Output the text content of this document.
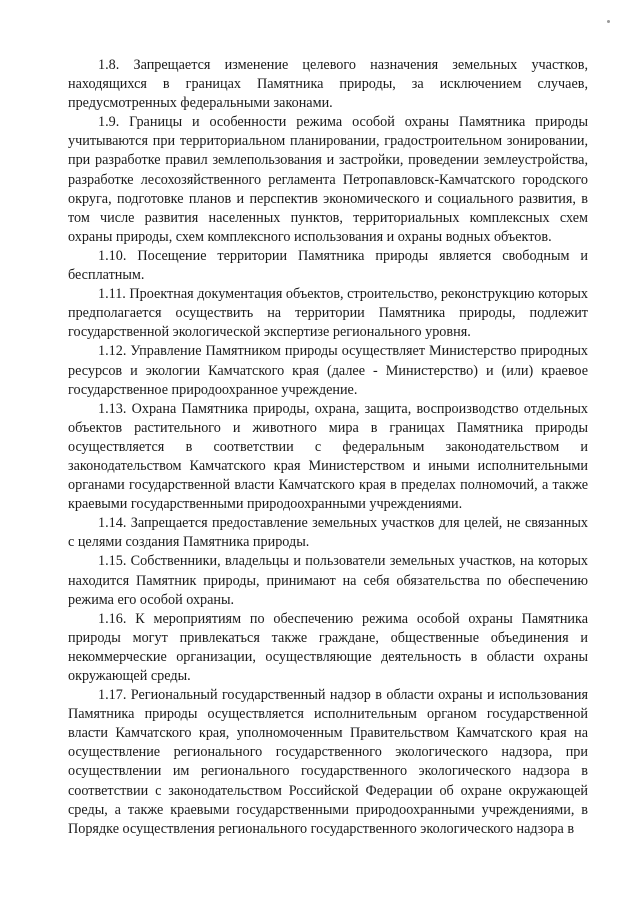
1.8. Запрещается изменение целевого назначения земельных участков, находящихся в границах Памятника природы, за исключением случаев, предусмотренных федеральными законами.

1.9. Границы и особенности режима особой охраны Памятника природы учитываются при территориальном планировании, градостроительном зонировании, при разработке правил землепользования и застройки, проведении землеустройства, разработке лесохозяйственного регламента Петропавловск-Камчатского городского округа, подготовке планов и перспектив экономического и социального развития, в том числе развития населенных пунктов, территориальных комплексных схем охраны природы, схем комплексного использования и охраны водных объектов.

1.10. Посещение территории Памятника природы является свободным и бесплатным.

1.11. Проектная документация объектов, строительство, реконструкцию которых предполагается осуществить на территории Памятника природы, подлежит государственной экологической экспертизе регионального уровня.

1.12. Управление Памятником природы осуществляет Министерство природных ресурсов и экологии Камчатского края (далее - Министерство) и (или) краевое государственное природоохранное учреждение.

1.13. Охрана Памятника природы, охрана, защита, воспроизводство отдельных объектов растительного и животного мира в границах Памятника природы осуществляется в соответствии с федеральным законодательством и законодательством Камчатского края Министерством и иными исполнительными органами государственной власти Камчатского края в пределах полномочий, а также краевыми государственными природоохранными учреждениями.

1.14. Запрещается предоставление земельных участков для целей, не связанных с целями создания Памятника природы.

1.15. Собственники, владельцы и пользователи земельных участков, на которых находится Памятник природы, принимают на себя обязательства по обеспечению режима его особой охраны.

1.16. К мероприятиям по обеспечению режима особой охраны Памятника природы могут привлекаться также граждане, общественные объединения и некоммерческие организации, осуществляющие деятельность в области охраны окружающей среды.

1.17. Региональный государственный надзор в области охраны и использования Памятника природы осуществляется исполнительным органом государственной власти Камчатского края, уполномоченным Правительством Камчатского края на осуществление регионального государственного экологического надзора, при осуществлении им регионального государственного экологического надзора в соответствии с законодательством Российской Федерации об охране окружающей среды, а также краевыми государственными природоохранными учреждениями, в Порядке осуществления регионального государственного экологического надзора в
